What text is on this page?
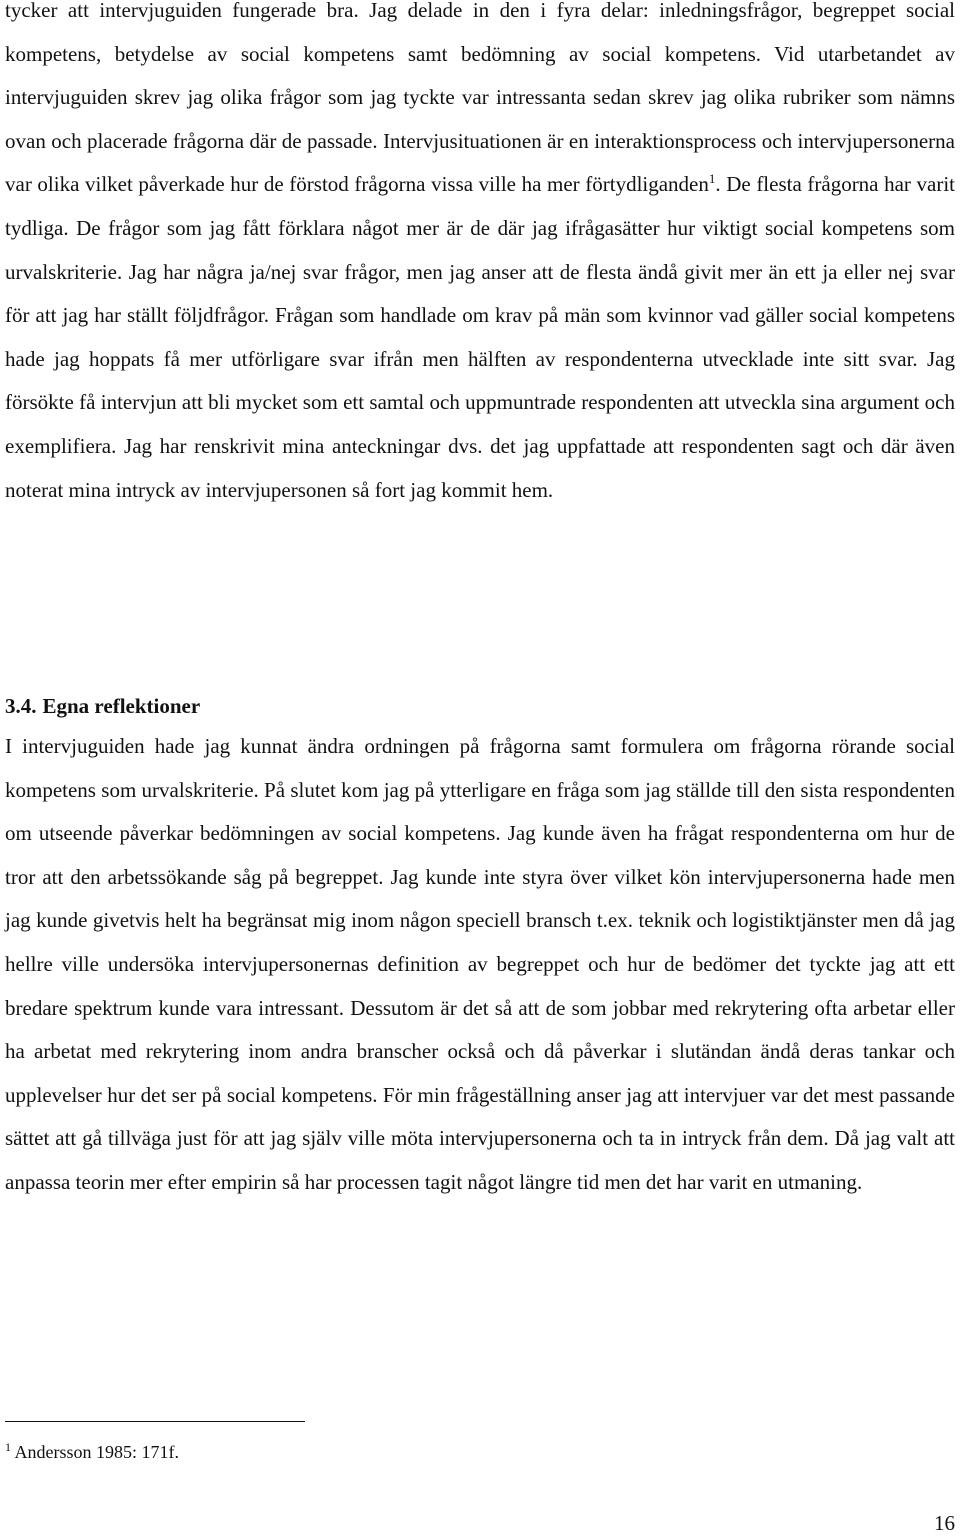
tycker att intervjuguiden fungerade bra. Jag delade in den i fyra delar: inledningsfrågor, begreppet social kompetens, betydelse av social kompetens samt bedömning av social kompetens. Vid utarbetandet av intervjuguiden skrev jag olika frågor som jag tyckte var intressanta sedan skrev jag olika rubriker som nämns ovan och placerade frågorna där de passade. Intervjusituationen är en interaktionsprocess och intervjupersonerna var olika vilket påverkade hur de förstod frågorna vissa ville ha mer förtydliganden$^1$. De flesta frågorna har varit tydliga. De frågor som jag fått förklara något mer är de där jag ifrågasätter hur viktigt social kompetens som urvalskriterie. Jag har några ja/nej svar frågor, men jag anser att de flesta ändå givit mer än ett ja eller nej svar för att jag har ställt följdfrågor. Frågan som handlade om krav på män som kvinnor vad gäller social kompetens hade jag hoppats få mer utförligare svar ifrån men hälften av respondenterna utvecklade inte sitt svar. Jag försökte få intervjun att bli mycket som ett samtal och uppmuntrade respondenten att utveckla sina argument och exemplifiera. Jag har renskrivit mina anteckningar dvs. det jag uppfattade att respondenten sagt och där även noterat mina intryck av intervjupersonen så fort jag kommit hem.

3.4. Egna reflektioner

I intervjuguiden hade jag kunnat ändra ordningen på frågorna samt formulera om frågorna rörande social kompetens som urvalskriterie. På slutet kom jag på ytterligare en fråga som jag ställde till den sista respondenten om utseende påverkar bedömningen av social kompetens. Jag kunde även ha frågat respondenterna om hur de tror att den arbetssökande såg på begreppet. Jag kunde inte styra över vilket kön intervjupersonerna hade men jag kunde givetvis helt ha begränsat mig inom någon speciell bransch t.ex. teknik och logistiktjänster men då jag hellre ville undersöka intervjupersonernas definition av begreppet och hur de bedömer det tyckte jag att ett bredare spektrum kunde vara intressant. Dessutom är det så att de som jobbar med rekrytering ofta arbetar eller ha arbetat med rekrytering inom andra branscher också och då påverkar i slutändan ändå deras tankar och upplevelser hur det ser på social kompetens. För min frågeställning anser jag att intervjuer var det mest passande sättet att gå tillväga just för att jag själv ville möta intervjupersonerna och ta in intryck från dem. Då jag valt att anpassa teorin mer efter empirin så har processen tagit något längre tid men det har varit en utmaning.

$^1$ Andersson 1985: 171f.

16
